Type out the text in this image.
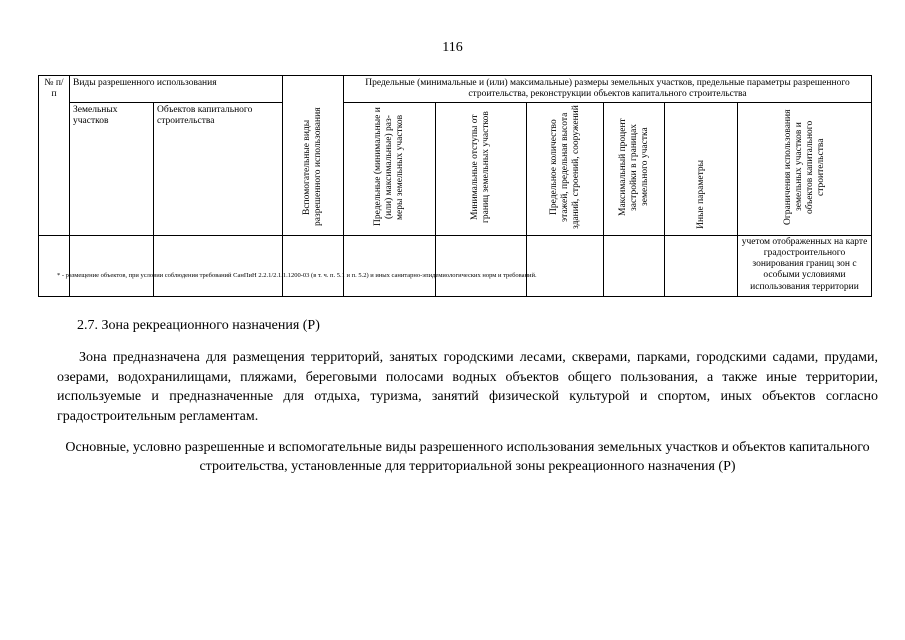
116
№ п/п	Виды разрешенного использования		Вспомогательные виды разрешенного использования	Предельные (минимальные и (или) максимальные) размеры земельных участков, предельные параметры разрешенного строительства, реконструкции объектов капитального строительства					
	Земельных участков	Объектов капитального строительства		Предельные (минимальные и (или) максимальные) раз- меры земельных участков	Минимальные отступы от границ земельных участков	Предельное количество этажей, предельная высота зданий, строений, сооружений	Максимальный процент застройки в границах земельного участка	Иные параметры	Ограничения использования земельных участков и объектов капитального строительства
									учетом отображенных на карте градостроительного зонирования границ зон с особыми условиями использования территории
* - размещение объектов, при условии соблюдения требований СанПиН 2.2.1/2.1.1.1200-03 (в т. ч. п. 5.1 и п. 5.2) и иных санитарно-эпидемиологических норм и требований.
2.7. Зона рекреационного назначения (Р)

Зона предназначена для размещения территорий, занятых городскими лесами, скверами, парками, городскими садами, прудами, озерами, водохранилищами, пляжами, береговыми полосами водных объектов общего пользования, а также иные территории, используемые и предназначенные для отдыха, туризма, занятий физической культурой и спортом, иных объектов согласно градостроительным регламентам.

Основные, условно разрешенные и вспомогательные виды разрешенного использования земельных участков и объектов капитального строительства, установленные для территориальной зоны рекреационного назначения (Р)
